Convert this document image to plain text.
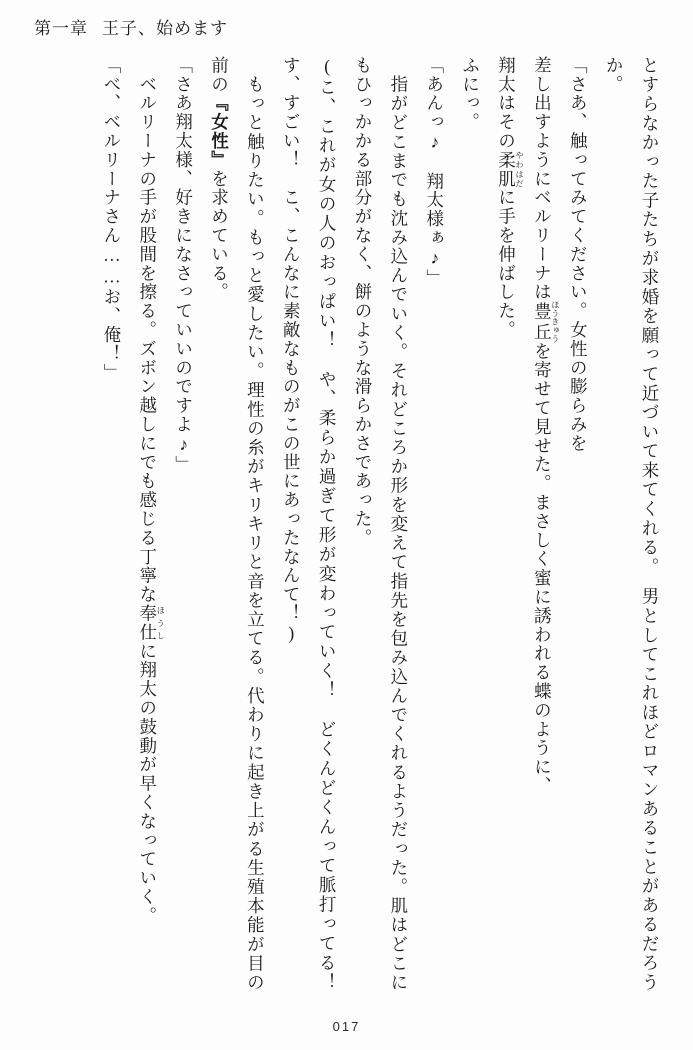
第一章 王子、始めます

とすらなかった子たちが求婚を願って近づいて来てくれる。　男としてこれほどロマンあることがあるだろうか。

「さあ、触ってみてください。女性の膨らみを

差し出すようにベルリーナは豊丘ほうきゅうを寄せて見せた。まさしく蜜に誘われる蝶のように、

翔太はその柔肌やわはだに手を伸ばした。

ふにっ。

「あんっ♪　翔太様ぁ♪」

指がどこまでも沈み込んでいく。それどころか形を変えて指先を包み込んでくれるようだった。肌はどこにもひっかかる部分がなく、餅のような滑らかさであった。

(こ、これが女の人のおっぱい！　や、柔らか過ぎて形が変わっていく！　どくんどくんって脈打ってる！　す、すごい！　こ、こんなに素敵なものがこの世にあったなんて！)

もっと触りたい。もっと愛したい。理性の糸がキリキリと音を立てる。代わりに起き上がる生殖本能が目の前の『女性』を求めている。

「さあ翔太様、好きになさっていいのですよ♪」

ベルリーナの手が股間を擦る。ズボン越しにでも感じる丁寧な奉仕ほうしに翔太の鼓動が早くなっていく。

「べ、ベルリーナさん……お、俺！」

017
